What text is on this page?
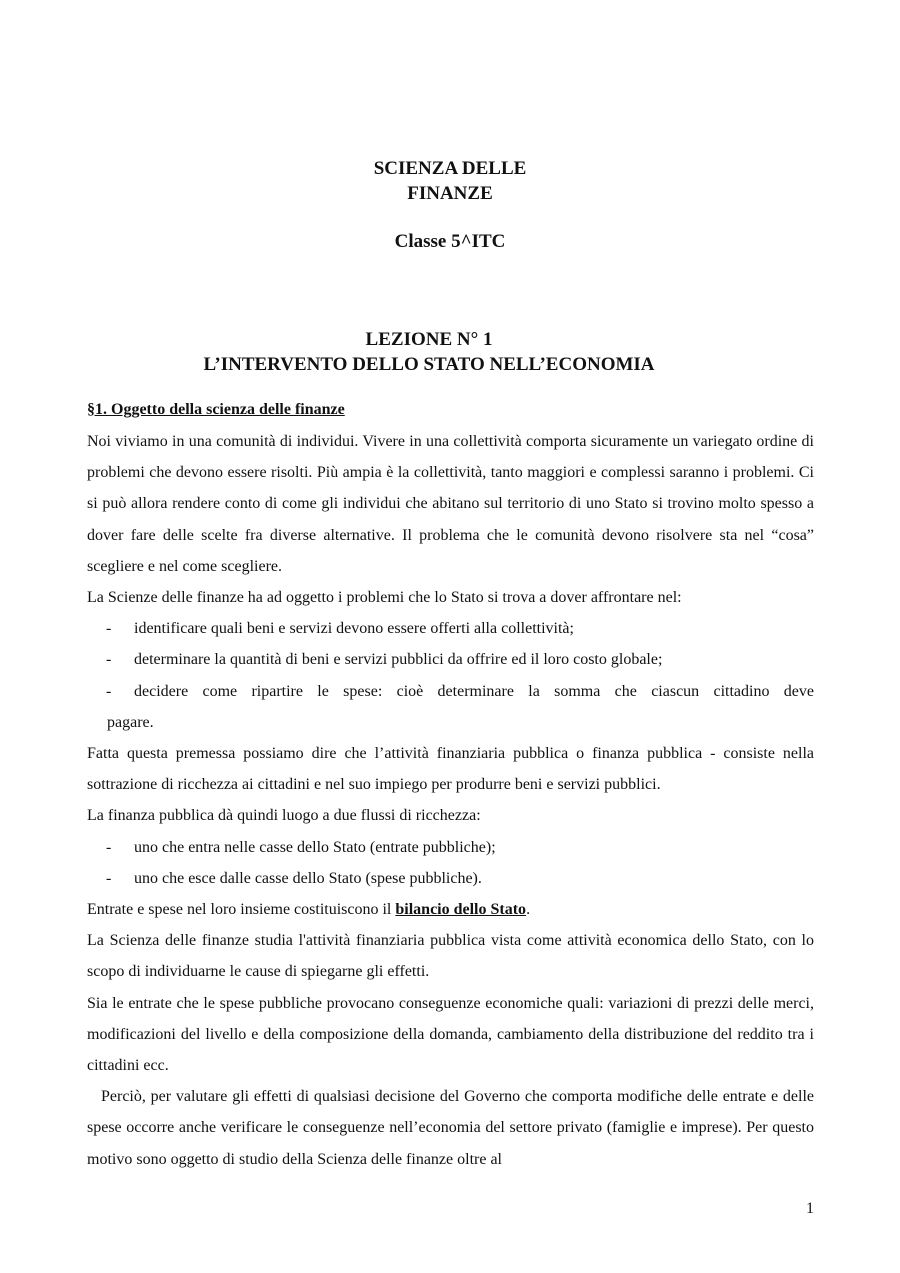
SCIENZA DELLE
FINANZE
Classe 5^ITC
LEZIONE N° 1
L’INTERVENTO DELLO STATO NELL’ECONOMIA
§1. Oggetto della scienza delle finanze

Noi viviamo in una comunità di individui. Vivere in una collettività comporta sicuramente un variegato ordine di problemi che devono essere risolti. Più ampia è la collettività, tanto maggiori e complessi saranno i problemi. Ci si può allora rendere conto di come gli individui che abitano sul territorio di uno Stato si trovino molto spesso a dover fare delle scelte fra diverse alternative. Il problema che le comunità devono risolvere sta nel “cosa” scegliere e nel come scegliere.

La Scienze delle finanze ha ad oggetto i problemi che lo Stato si trova a dover affrontare nel:

- identificare quali beni e servizi devono essere offerti alla collettività;
- determinare la quantità di beni e servizi pubblici da offrire ed il loro costo globale;
- decidere come ripartire le spese: cioè determinare la somma che ciascun cittadino deve

pagare.

Fatta questa premessa possiamo dire che l’attività finanziaria pubblica o finanza pubblica - consiste nella sottrazione di ricchezza ai cittadini e nel suo impiego per produrre beni e servizi pubblici.

La finanza pubblica dà quindi luogo a due flussi di ricchezza:

- uno che entra nelle casse dello Stato (entrate pubbliche);
- uno che esce dalle casse dello Stato (spese pubbliche).

Entrate e spese nel loro insieme costituiscono il bilancio dello Stato.

La Scienza delle finanze studia l'attività finanziaria pubblica vista come attività economica dello Stato, con lo scopo di individuarne le cause di spiegarne gli effetti.

Sia le entrate che le spese pubbliche provocano conseguenze economiche quali: variazioni di prezzi delle merci, modificazioni del livello e della composizione della domanda, cambiamento della distribuzione del reddito tra i cittadini ecc.

Perciò, per valutare gli effetti di qualsiasi decisione del Governo che comporta modifiche delle entrate e delle spese occorre anche verificare le conseguenze nell’economia del settore privato (famiglie e imprese). Per questo motivo sono oggetto di studio della Scienza delle finanze oltre al

1
